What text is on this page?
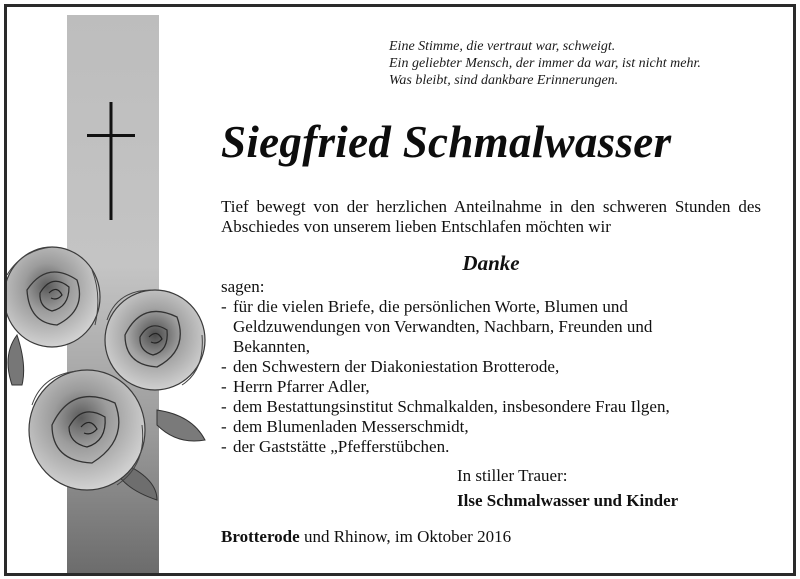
Eine Stimme, die vertraut war, schweigt.
Ein geliebter Mensch, der immer da war, ist nicht mehr.
Was bleibt, sind dankbare Erinnerungen.
Siegfried Schmalwasser
Tief bewegt von der herzlichen Anteilnahme in den schweren Stunden des Abschiedes von unserem lieben Entschlafen möchten wir
Danke
sagen:
- für die vielen Briefe, die persönlichen Worte, Blumen und Geldzuwendungen von Verwandten, Nachbarn, Freunden und Bekannten,
- den Schwestern der Diakoniestation Brotterode,
- Herrn Pfarrer Adler,
- dem Bestattungsinstitut Schmalkalden, insbesondere Frau Ilgen,
- dem Blumenladen Messerschmidt,
- der Gaststätte „Pfefferstübchen.
In stiller Trauer:
Ilse Schmalwasser und Kinder
Brotterode und Rhinow, im Oktober 2016
